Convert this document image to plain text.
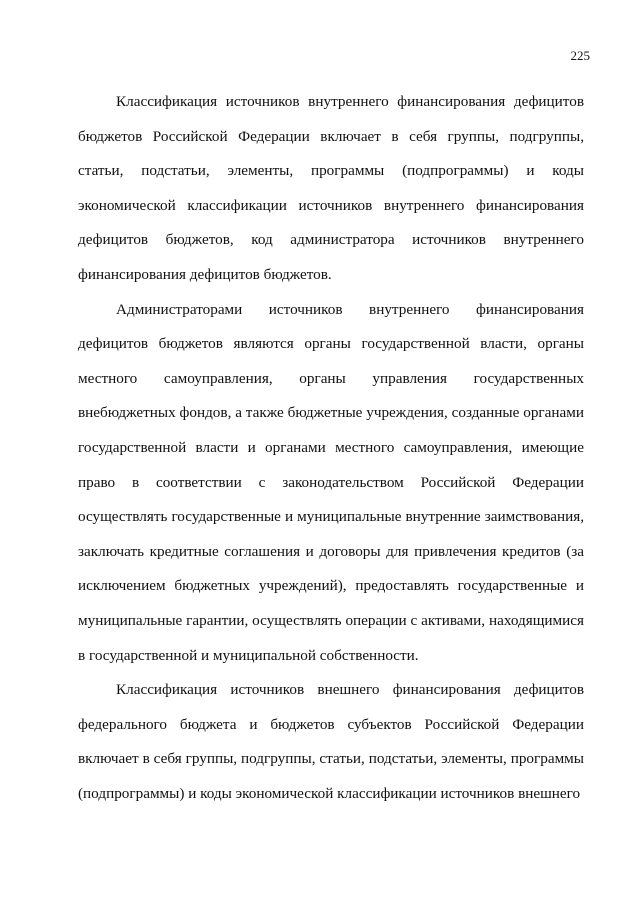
225

Классификация источников внутреннего финансирования дефицитов бюджетов Российской Федерации включает в себя группы, подгруппы, статьи, подстатьи, элементы, программы (подпрограммы) и коды экономической классификации источников внутреннего финансирования дефицитов бюджетов, код администратора источников внутреннего финансирования дефицитов бюджетов.

Администраторами источников внутреннего финансирования дефицитов бюджетов являются органы государственной власти, органы местного самоуправления, органы управления государственных внебюджетных фондов, а также бюджетные учреждения, созданные органами государственной власти и органами местного самоуправления, имеющие право в соответствии с законодательством Российской Федерации осуществлять государственные и муниципальные внутренние заимствования, заключать кредитные соглашения и договоры для привлечения кредитов (за исключением бюджетных учреждений), предоставлять государственные и муниципальные гарантии, осуществлять операции с активами, находящимися в государственной и муниципальной собственности.

Классификация источников внешнего финансирования дефицитов федерального бюджета и бюджетов субъектов Российской Федерации включает в себя группы, подгруппы, статьи, подстатьи, элементы, программы (подпрограммы) и коды экономической классификации источников внешнего
